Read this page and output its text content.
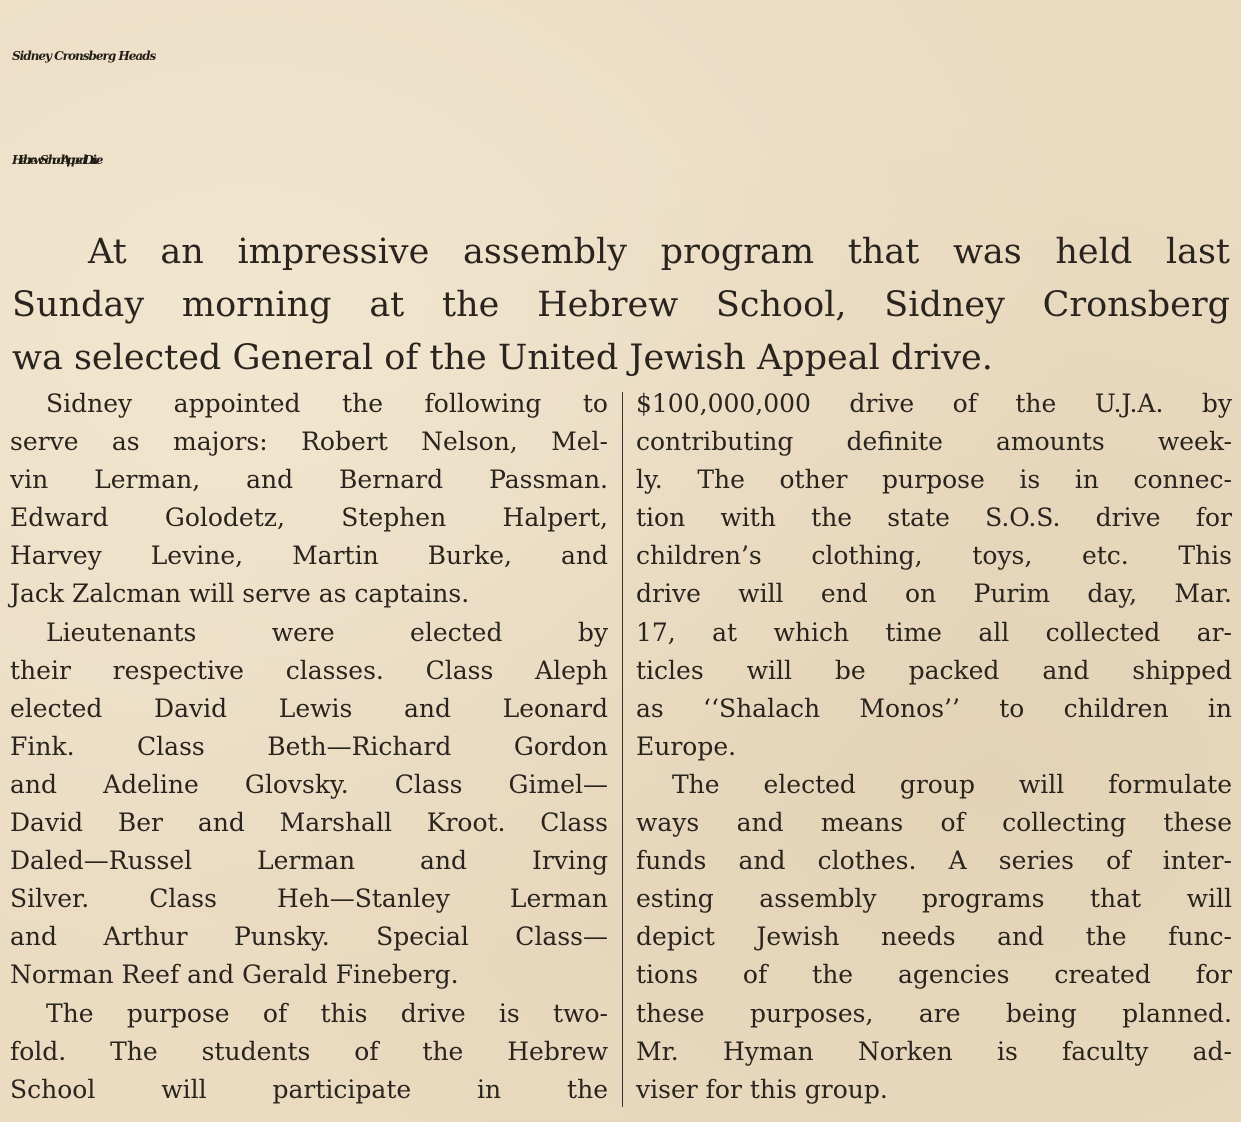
Sidney Cronsberg Heads
Hebrew School Appeal Drive

At an impressive assembly program that was held last
Sunday morning at the Hebrew School, Sidney Cronsberg
wa selected General of the United Jewish Appeal drive.

Sidney appointed the following to
serve as majors: Robert Nelson, Mel-
vin Lerman, and Bernard Passman.
Edward Golodetz, Stephen Halpert,
Harvey Levine, Martin Burke, and
Jack Zalcman will serve as captains.
Lieutenants were elected by
their respective classes. Class Aleph
elected David Lewis and Leonard
Fink. Class Beth—Richard Gordon
and Adeline Glovsky. Class Gimel—
David Ber and Marshall Kroot. Class
Daled—Russel Lerman and Irving
Silver. Class Heh—Stanley Lerman
and Arthur Punsky. Special Class—
Norman Reef and Gerald Fineberg.
The purpose of this drive is two-
fold. The students of the Hebrew
School will participate in the
$100,000,000 drive of the U.J.A. by
contributing definite amounts week-
ly. The other purpose is in connec-
tion with the state S.O.S. drive for
children’s clothing, toys, etc. This
drive will end on Purim day, Mar.
17, at which time all collected ar-
ticles will be packed and shipped
as ‘‘Shalach Monos’’ to children in
Europe.
The elected group will formulate
ways and means of collecting these
funds and clothes. A series of inter-
esting assembly programs that will
depict Jewish needs and the func-
tions of the agencies created for
these purposes, are being planned.
Mr. Hyman Norken is faculty ad-
viser for this group.
